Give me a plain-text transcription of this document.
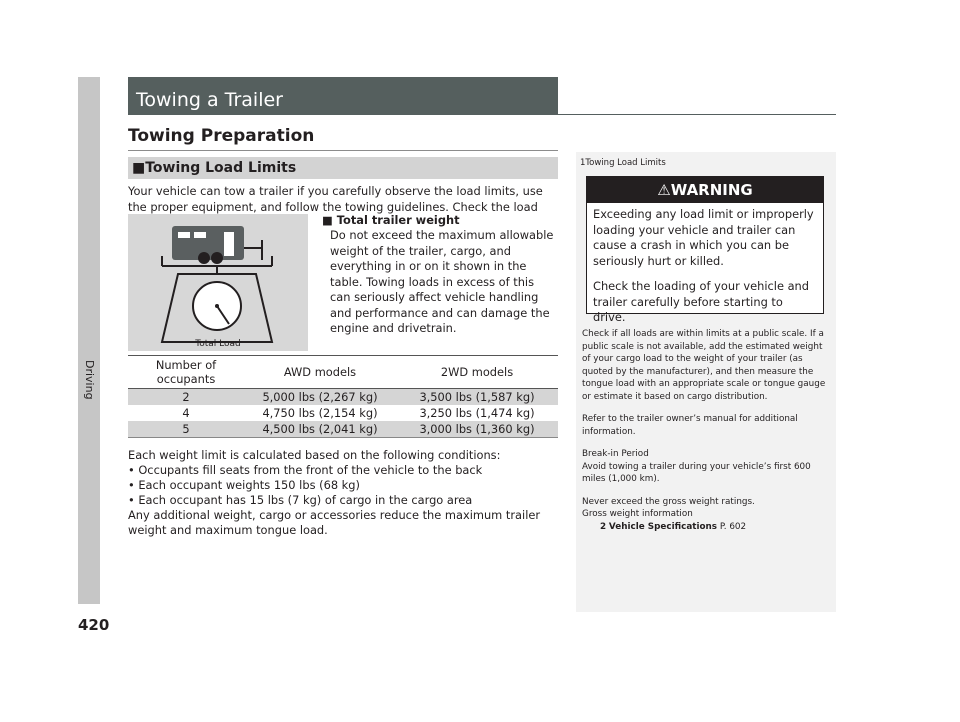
Driving
420
Towing a Trailer
Towing Preparation
■Towing Load Limits
Your vehicle can tow a trailer if you carefully observe the load limits, use the proper equipment, and follow the towing guidelines. Check the load
Total Load
■ Total trailer weight
Do not exceed the maximum allowable weight of the trailer, cargo, and everything in or on it shown in the table. Towing loads in excess of this can seriously affect vehicle handling and performance and can damage the engine and drivetrain.
Number of occupants	AWD models	2WD models
2	5,000 lbs (2,267 kg)	3,500 lbs (1,587 kg)
4	4,750 lbs (2,154 kg)	3,250 lbs (1,474 kg)
5	4,500 lbs (2,041 kg)	3,000 lbs (1,360 kg)

Each weight limit is calculated based on the following conditions:

• Occupants fill seats from the front of the vehicle to the back
• Each occupant weights 150 lbs (68 kg)
• Each occupant has 15 lbs (7 kg) of cargo in the cargo area

Any additional weight, cargo or accessories reduce the maximum trailer weight and maximum tongue load.

1Towing Load Limits
⚠WARNING

Exceeding any load limit or improperly loading your vehicle and trailer can cause a crash in which you can be seriously hurt or killed.

Check the loading of your vehicle and trailer carefully before starting to drive.

Check if all loads are within limits at a public scale. If a public scale is not available, add the estimated weight of your cargo load to the weight of your trailer (as quoted by the manufacturer), and then measure the tongue load with an appropriate scale or tongue gauge or estimate it based on cargo distribution.

Refer to the trailer owner’s manual for additional information.

Break-in Period
Avoid towing a trailer during your vehicle’s first 600 miles (1,000 km).

Never exceed the gross weight ratings.
Gross weight information
2 Vehicle Specifications P. 602
